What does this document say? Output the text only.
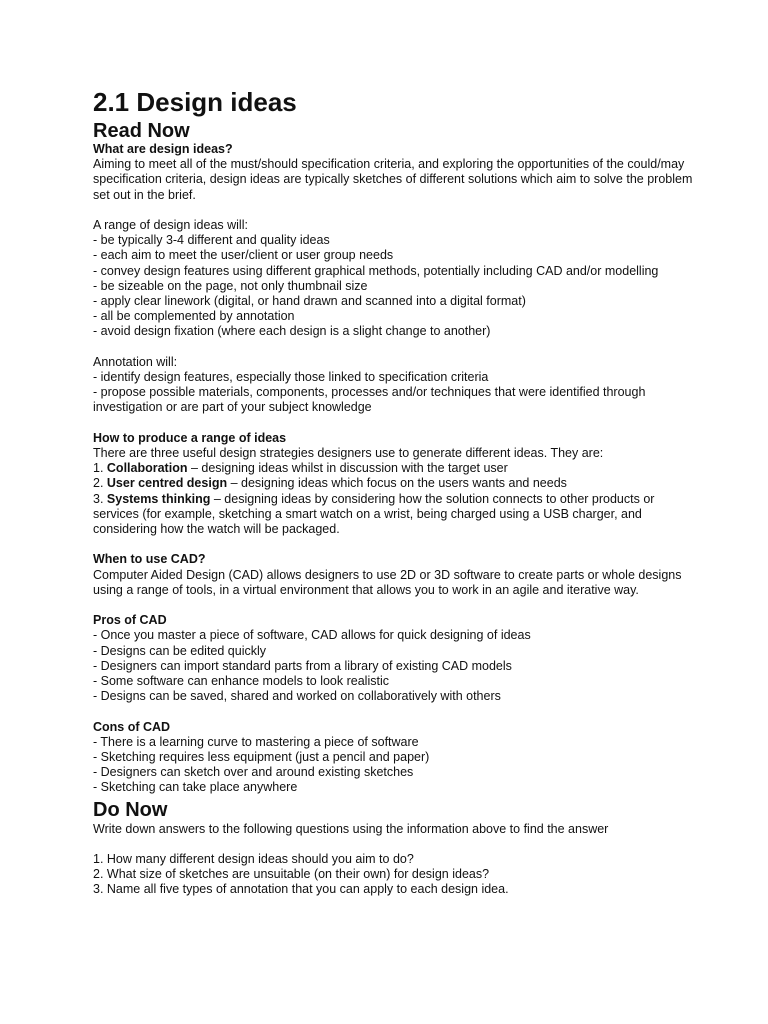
2.1 Design ideas
Read Now
What are design ideas?

Aiming to meet all of the must/should specification criteria, and exploring the opportunities of the could/may specification criteria, design ideas are typically sketches of different solutions which aim to solve the problem set out in the brief.

A range of design ideas will:

- be typically 3-4 different and quality ideas
- each aim to meet the user/client or user group needs
- convey design features using different graphical methods, potentially including CAD and/or modelling
- be sizeable on the page, not only thumbnail size
- apply clear linework (digital, or hand drawn and scanned into a digital format)
- all be complemented by annotation
- avoid design fixation (where each design is a slight change to another)

Annotation will:

- identify design features, especially those linked to specification criteria
- propose possible materials, components, processes and/or techniques that were identified through investigation or are part of your subject knowledge
How to produce a range of ideas

There are three useful design strategies designers use to generate different ideas. They are:

1. Collaboration – designing ideas whilst in discussion with the target user
2. User centred design – designing ideas which focus on the users wants and needs
3. Systems thinking – designing ideas by considering how the solution connects to other products or services (for example, sketching a smart watch on a wrist, being charged using a USB charger, and considering how the watch will be packaged.
When to use CAD?

Computer Aided Design (CAD) allows designers to use 2D or 3D software to create parts or whole designs using a range of tools, in a virtual environment that allows you to work in an agile and iterative way.

Pros of CAD
- Once you master a piece of software, CAD allows for quick designing of ideas
- Designs can be edited quickly
- Designers can import standard parts from a library of existing CAD models
- Some software can enhance models to look realistic
- Designs can be saved, shared and worked on collaboratively with others
Cons of CAD
- There is a learning curve to mastering a piece of software
- Sketching requires less equipment (just a pencil and paper)
- Designers can sketch over and around existing sketches
- Sketching can take place anywhere
Do Now

Write down answers to the following questions using the information above to find the answer

1. How many different design ideas should you aim to do?
2. What size of sketches are unsuitable (on their own) for design ideas?
3. Name all five types of annotation that you can apply to each design idea.
